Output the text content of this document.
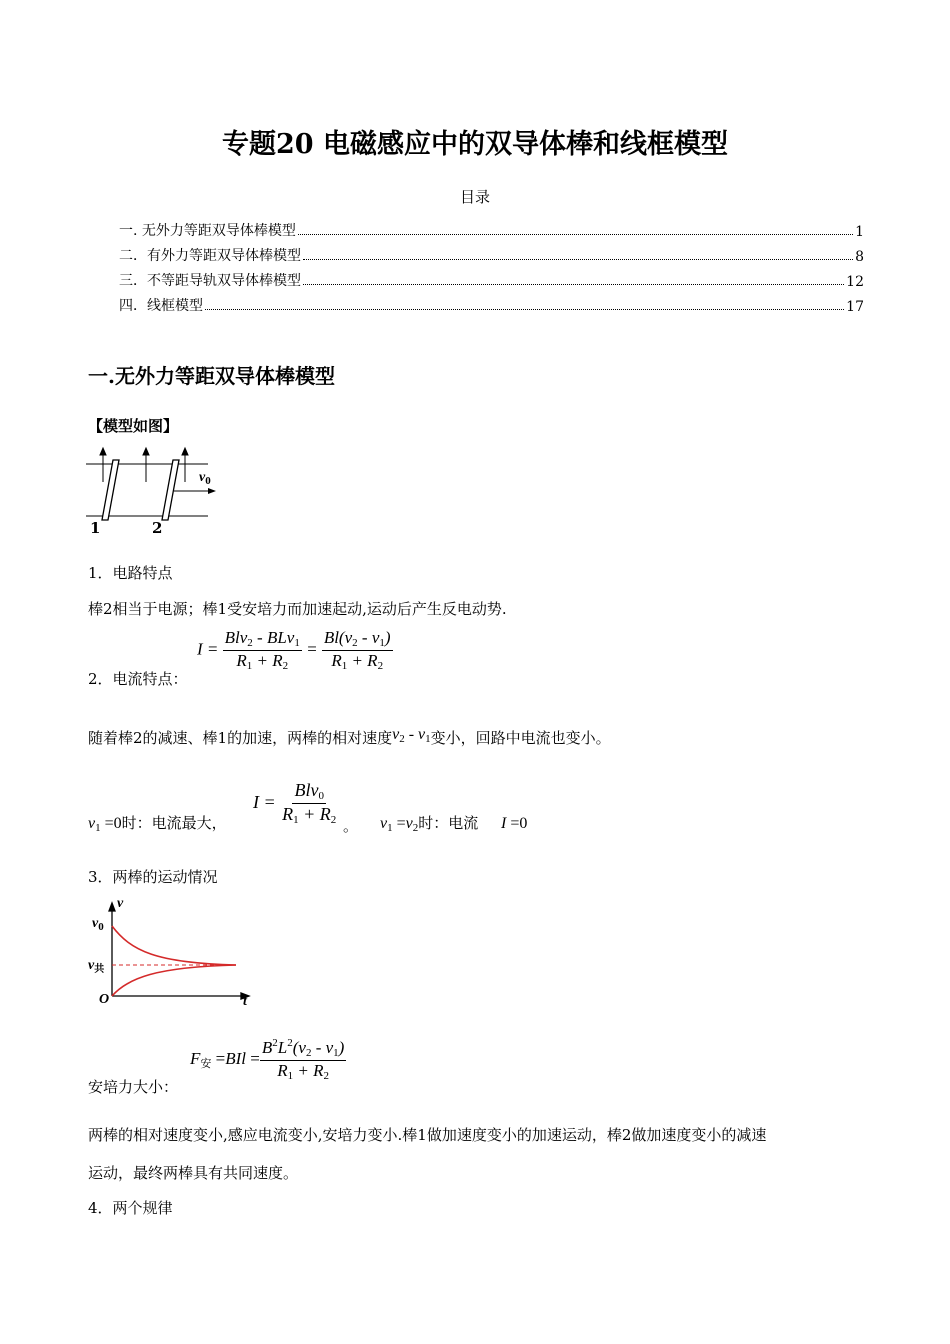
专题20 电磁感应中的双导体棒和线框模型
目录
一. 无外力等距双导体棒模型	1
二．有外力等距双导体棒模型	8
三．不等距导轨双导体棒模型	12
四．线框模型	17
一.无外力等距双导体棒模型
【模型如图】
$v_0$
1	2
1．电路特点
棒2相当于电源；棒1受安培力而加速起动,运动后产生反电动势.
$I = \frac{Blv_2 - BLv_1}{R_1 + R_2} = \frac{Bl(v_2 - v_1)}{R_1 + R_2}$
2．电流特点：
随着棒2的减速、棒1的加速，两棒的相对速度$v_2 - v_1$变小，回路中电流也变小。
$I = \frac{Blv_0}{R_1 + R_2}$
$v_1 =0$时：电流最大，	。 $v_1 =v_2$时：电流 I =0
3．两棒的运动情况
v
t
O
$v_0$
$v_共$
$F_安 =BIl = \frac{B^2L^2(v_2 - v_1)}{R_1 + R_2}$
安培力大小：
两棒的相对速度变小,感应电流变小,安培力变小.棒1做加速度变小的加速运动，棒2做加速度变小的减速
运动，最终两棒具有共同速度。
4．两个规律
